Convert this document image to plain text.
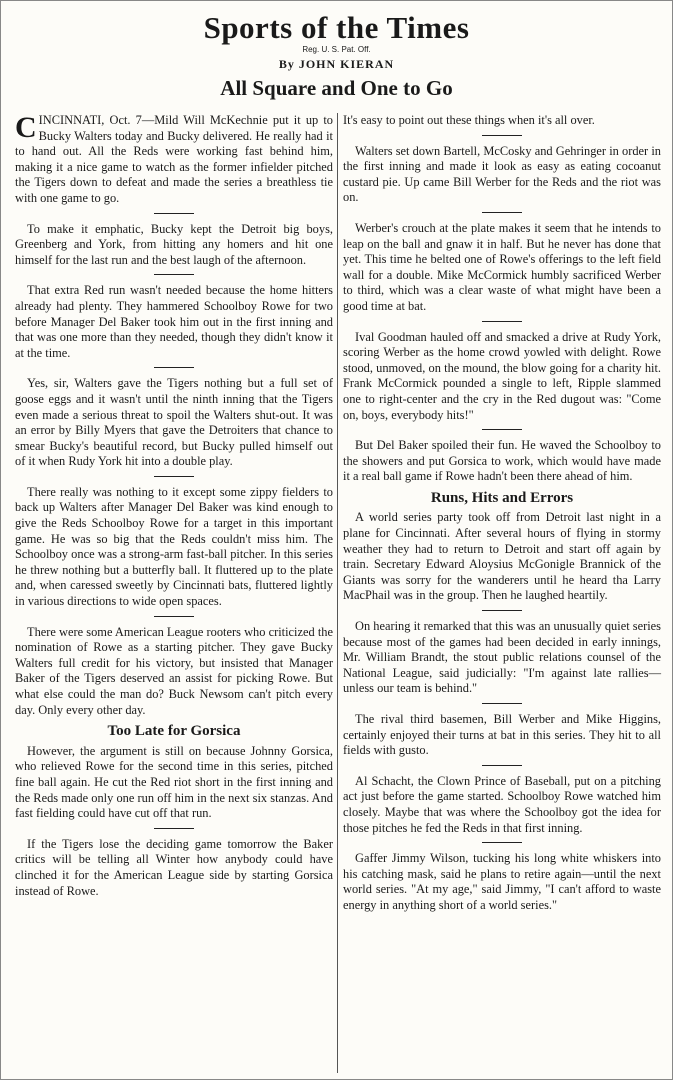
Sports of the Times
Reg. U. S. Pat. Off.
By JOHN KIERAN
All Square and One to Go

CINCINNATI, Oct. 7—Mild Will McKechnie put it up to Bucky Walters today and Bucky delivered. He really had it to hand out. All the Reds were working fast behind him, making it a nice game to watch as the former infielder pitched the Tigers down to defeat and made the series a breathless tie with one game to go.

To make it emphatic, Bucky kept the Detroit big boys, Greenberg and York, from hitting any homers and hit one himself for the last run and the best laugh of the afternoon.

That extra Red run wasn't needed because the home hitters already had plenty. They hammered Schoolboy Rowe for two before Manager Del Baker took him out in the first inning and that was one more than they needed, though they didn't know it at the time.

Yes, sir, Walters gave the Tigers nothing but a full set of goose eggs and it wasn't until the ninth inning that the Tigers even made a serious threat to spoil the Walters shut-out. It was an error by Billy Myers that gave the Detroiters that chance to smear Bucky's beautiful record, but Bucky pulled himself out of it when Rudy York hit into a double play.

There really was nothing to it except some zippy fielders to back up Walters after Manager Del Baker was kind enough to give the Reds Schoolboy Rowe for a target in this important game. He was so big that the Reds couldn't miss him. The Schoolboy once was a strong-arm fast-ball pitcher. In this series he threw nothing but a butterfly ball. It fluttered up to the plate and, when caressed sweetly by Cincinnati bats, fluttered lightly in various directions to wide open spaces.

There were some American League rooters who criticized the nomination of Rowe as a starting pitcher. They gave Bucky Walters full credit for his victory, but insisted that Manager Baker of the Tigers deserved an assist for picking Rowe. But what else could the man do? Buck Newsom can't pitch every day. Only every other day.

Too Late for Gorsica

However, the argument is still on because Johnny Gorsica, who relieved Rowe for the second time in this series, pitched fine ball again. He cut the Red riot short in the first inning and the Reds made only one run off him in the next six stanzas. And fast fielding could have cut off that run.

If the Tigers lose the deciding game tomorrow the Baker critics will be telling all Winter how anybody could have clinched it for the American League side by starting Gorsica instead of Rowe.

It's easy to point out these things when it's all over.

Walters set down Bartell, McCosky and Gehringer in order in the first inning and made it look as easy as eating cocoanut custard pie. Up came Bill Werber for the Reds and the riot was on.

Werber's crouch at the plate makes it seem that he intends to leap on the ball and gnaw it in half. But he never has done that yet. This time he belted one of Rowe's offerings to the left field wall for a double. Mike McCormick humbly sacrificed Werber to third, which was a clear waste of what might have been a good time at bat.

Ival Goodman hauled off and smacked a drive at Rudy York, scoring Werber as the home crowd yowled with delight. Rowe stood, unmoved, on the mound, the blow going for a charity hit. Frank McCormick pounded a single to left, Ripple slammed one to right-center and the cry in the Red dugout was: "Come on, boys, everybody hits!"

But Del Baker spoiled their fun. He waved the Schoolboy to the showers and put Gorsica to work, which would have made it a real ball game if Rowe hadn't been there ahead of him.

Runs, Hits and Errors

A world series party took off from Detroit last night in a plane for Cincinnati. After several hours of flying in stormy weather they had to return to Detroit and start off again by train. Secretary Edward Aloysius McGonigle Brannick of the Giants was sorry for the wanderers until he heard tha Larry MacPhail was in the group. Then he laughed heartily.

On hearing it remarked that this was an unusually quiet series because most of the games had been decided in early innings, Mr. William Brandt, the stout public relations counsel of the National League, said judicially: "I'm against late rallies—unless our team is behind."

The rival third basemen, Bill Werber and Mike Higgins, certainly enjoyed their turns at bat in this series. They hit to all fields with gusto.

Al Schacht, the Clown Prince of Baseball, put on a pitching act just before the game started. Schoolboy Rowe watched him closely. Maybe that was where the Schoolboy got the idea for those pitches he fed the Reds in that first inning.

Gaffer Jimmy Wilson, tucking his long white whiskers into his catching mask, said he plans to retire again—until the next world series. "At my age," said Jimmy, "I can't afford to waste energy in anything short of a world series."
